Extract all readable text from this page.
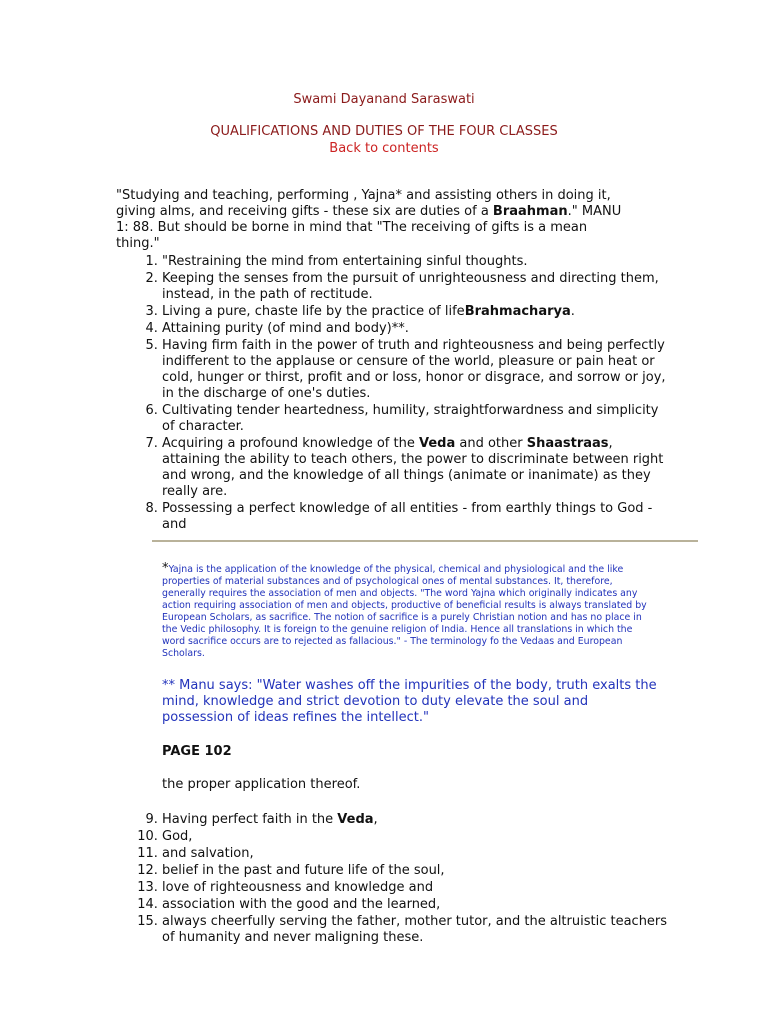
Swami Dayanand Saraswati
QUALIFICATIONS AND DUTIES OF THE FOUR CLASSES
Back to contents
"Studying and teaching, performing , Yajna* and assisting others in doing it, giving alms, and receiving gifts - these six are duties of a Braahman." MANU 1: 88. But should be borne in mind that "The receiving of gifts is a mean thing."
1. "Restraining the mind from entertaining sinful thoughts.
2. Keeping the senses from the pursuit of unrighteousness and directing them, instead, in the path of rectitude.
3. Living a pure, chaste life by the practice of lifeBrahmacharya.
4. Attaining purity (of mind and body)**.
5. Having firm faith in the power of truth and righteousness and being perfectly indifferent to the applause or censure of the world, pleasure or pain heat or cold, hunger or thirst, profit and or loss, honor or disgrace, and sorrow or joy, in the discharge of one's duties.
6. Cultivating tender heartedness, humility, straightforwardness and simplicity of character.
7. Acquiring a profound knowledge of the Veda and other Shaastraas, attaining the ability to teach others, the power to discriminate between right and wrong, and the knowledge of all things (animate or inanimate) as they really are.
8. Possessing a perfect knowledge of all entities - from earthly things to God - and
*Yajna is the application of the knowledge of the physical, chemical and physiological and the like properties of material substances and of psychological ones of mental substances. It, therefore, generally requires the association of men and objects. "The word Yajna which originally indicates any action requiring association of men and objects, productive of beneficial results is always translated by European Scholars, as sacrifice. The notion of sacrifice is a purely Christian notion and has no place in the Vedic philosophy. It is foreign to the genuine religion of India. Hence all translations in which the word sacrifice occurs are to rejected as fallacious." - The terminology fo the Vedaas and European Scholars.
** Manu says: "Water washes off the impurities of the body, truth exalts the mind, knowledge and strict devotion to duty elevate the soul and possession of ideas refines the intellect."
PAGE 102
the proper application thereof.
9. Having perfect faith in the Veda,
10. God,
11. and salvation,
12. belief in the past and future life of the soul,
13. love of righteousness and knowledge and
14. association with the good and the learned,
15. always cheerfully serving the father, mother tutor, and the altruistic teachers of humanity and never maligning these.
